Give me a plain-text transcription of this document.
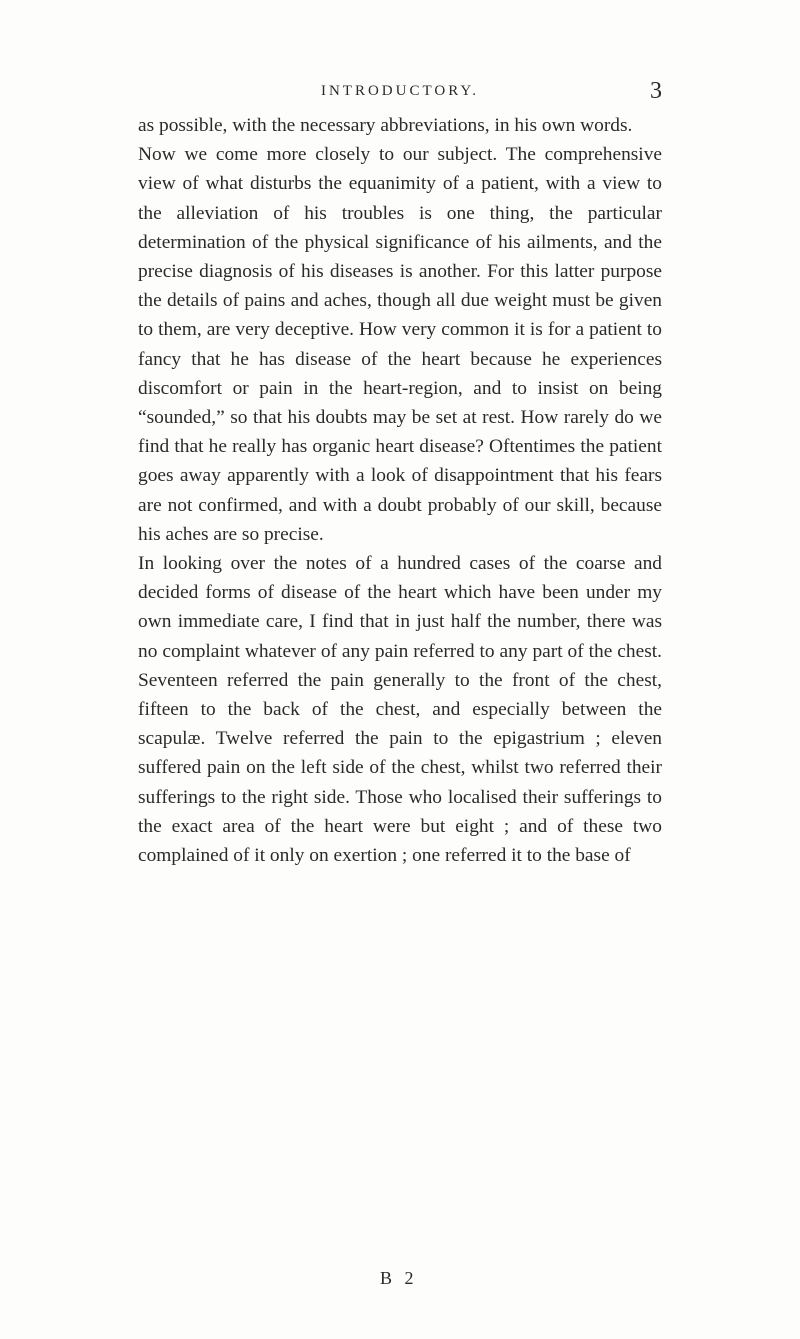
INTRODUCTORY.	3

as possible, with the necessary abbreviations, in his own words.

Now we come more closely to our subject. The comprehensive view of what disturbs the equanimity of a patient, with a view to the alleviation of his troubles is one thing, the particular determination of the physical significance of his ailments, and the precise diagnosis of his diseases is another. For this latter purpose the details of pains and aches, though all due weight must be given to them, are very deceptive. How very common it is for a patient to fancy that he has disease of the heart because he experiences discomfort or pain in the heart-region, and to insist on being “sounded,” so that his doubts may be set at rest. How rarely do we find that he really has organic heart disease? Oftentimes the patient goes away apparently with a look of disappointment that his fears are not confirmed, and with a doubt probably of our skill, because his aches are so precise.

In looking over the notes of a hundred cases of the coarse and decided forms of disease of the heart which have been under my own immediate care, I find that in just half the number, there was no complaint whatever of any pain referred to any part of the chest. Seventeen referred the pain generally to the front of the chest, fifteen to the back of the chest, and especially between the scapulæ. Twelve referred the pain to the epigastrium ; eleven suffered pain on the left side of the chest, whilst two referred their sufferings to the right side. Those who localised their sufferings to the exact area of the heart were but eight ; and of these two complained of it only on exertion ; one referred it to the base of

B 2
